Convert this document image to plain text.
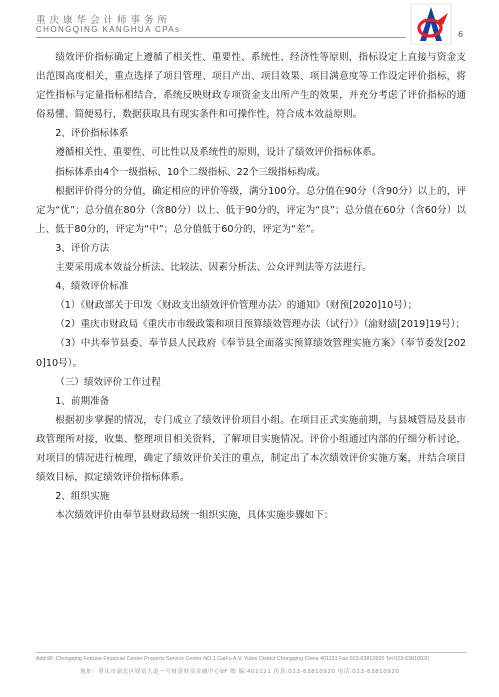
重庆康华会计师事务所
CHONGQING KANGHUA CPAs
6

绩效评价指标确定上遵循了相关性、重要性、系统性、经济性等原则，指标设定上直接与资金支出范围高度相关，重点选择了项目管理、项目产出、项目效果、项目满意度等工作设定评价指标，将定性指标与定量指标相结合，系统反映财政专项资金支出所产生的效果，并充分考虑了评价指标的通俗易懂、简便易行，数据获取具有现实条件和可操作性，符合成本效益原则。

2、评价指标体系

遵循相关性、重要性、可比性以及系统性的原则，设计了绩效评价指标体系。

指标体系由4个一级指标、10个二级指标、22个三级指标构成。

根据评价得分的分值，确定相应的评价等级，满分100分。总分值在90分（含90分）以上的，评定为“优”；总分值在80分（含80分）以上、低于90分的，评定为“良”；总分值在60分（含60分）以上、低于80分的，评定为“中”；总分值低于60分的，评定为“差”。

3、评价方法

主要采用成本效益分析法、比较法、因素分析法、公众评判法等方法进行。

4、绩效评价标准

（1）《财政部关于印发〈财政支出绩效评价管理办法〉的通知》（财预[2020]10号）；

（2）重庆市财政局《重庆市市级政策和项目预算绩效管理办法（试行）》（渝财绩[2019]19号）；

（3）中共奉节县委、奉节县人民政府《奉节县全面落实预算绩效管理实施方案》（奉节委发[2020]10号）。

（三）绩效评价工作过程

1、前期准备

根据初步掌握的情况，专门成立了绩效评价项目小组。在项目正式实施前期，与县城管局及县市政管理所对接，收集、整理项目相关资料，了解项目实施情况。评价小组通过内部的仔细分析讨论，对项目的情况进行梳理，确定了绩效评价关注的重点，制定出了本次绩效评价实施方案，并结合项目绩效目标，拟定绩效评价指标体系。

2、组织实施

本次绩效评价由奉节县财政局统一组织实施，具体实施步骤如下：

Add:9F, Chongqing Fortune Financial Center Property Service Center NO.1 CaiFu A.V. Yubei District Chongqing China 401121 Fax:023-63810920 Tel:023-63810920
地址：重庆市渝北区财富大道一号财富财富金融中心9F 邮 编:401121 传真:023-63810920 电话:023-63810920
